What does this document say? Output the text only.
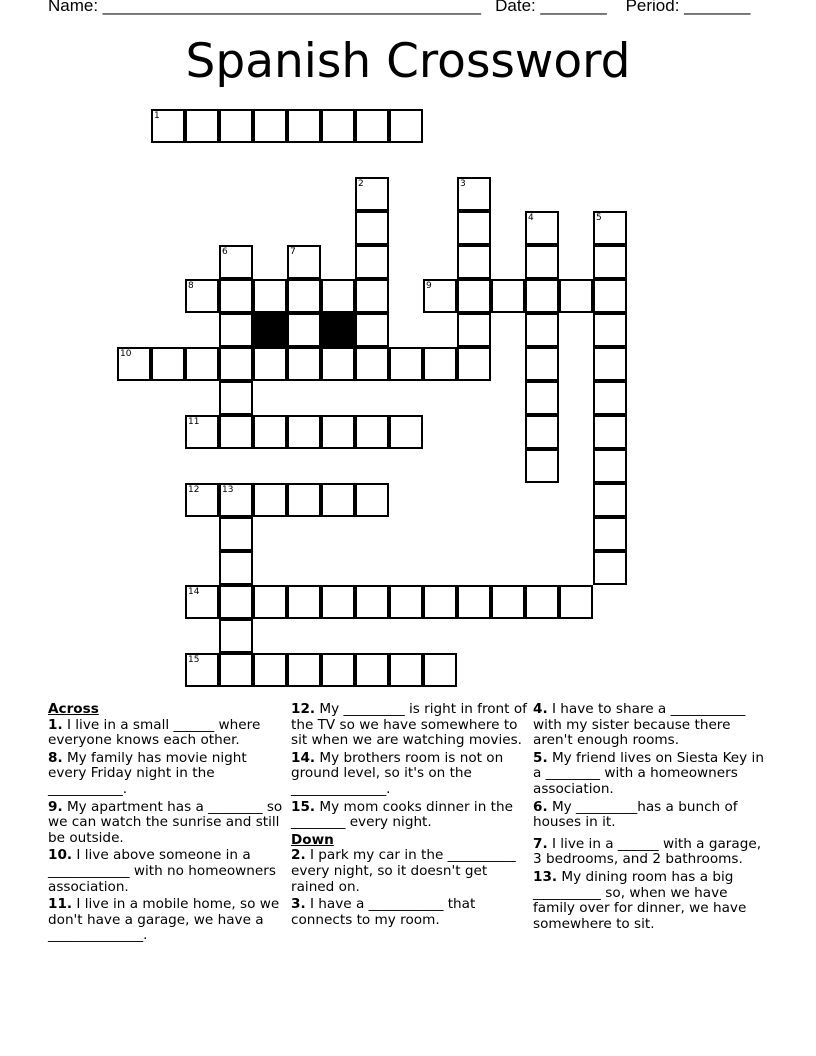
Name: ________________________________________   Date: _______    Period: _______
Spanish Crossword
1
2	3
4	5
6	7
8	9
10
11
12	13
14
15
Across
1. I live in a small ______ where everyone knows each other.
8. My family has movie night every Friday night in the ___________.
9. My apartment has a ________ so we can watch the sunrise and still be outside.
10. I live above someone in a ____________ with no homeowners association.
11. I live in a mobile home, so we don't have a garage, we have a ______________.
12. My _________ is right in front of the TV so we have somewhere to sit when we are watching movies.
14. My brothers room is not on ground level, so it's on the ______________.
15. My mom cooks dinner in the ________ every night.
Down
2. I park my car in the __________ every night, so it doesn't get rained on.
3. I have a ___________ that connects to my room.
4. I have to share a ___________ with my sister because there aren't enough rooms.
5. My friend lives on Siesta Key in a ________ with a homeowners association.
6. My _________has a bunch of houses in it.
7. I live in a ______ with a garage, 3 bedrooms, and 2 bathrooms.
13. My dining room has a big __________ so, when we have family over for dinner, we have somewhere to sit.
